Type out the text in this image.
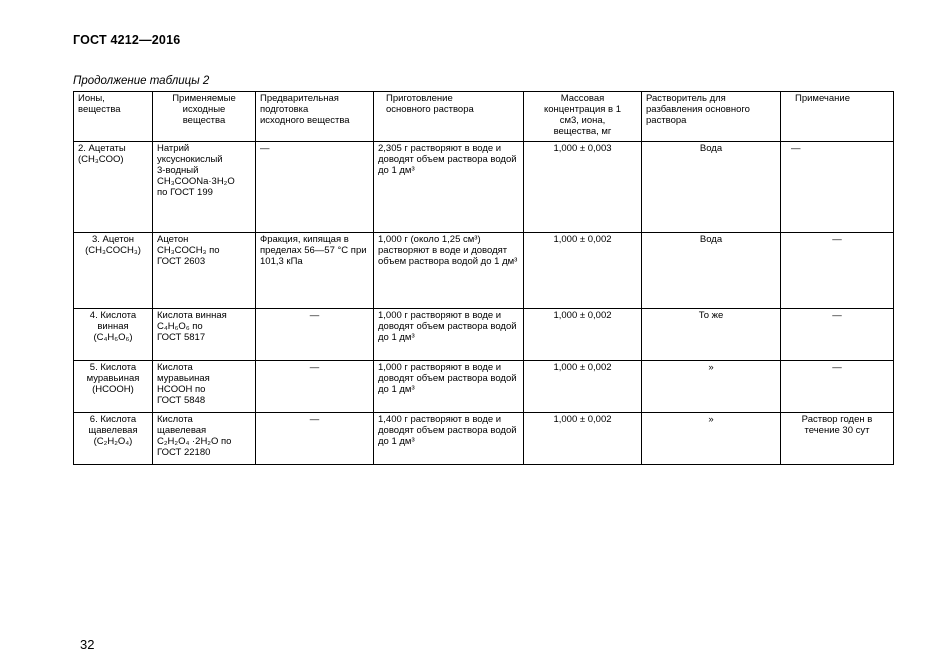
ГОСТ 4212—2016
Продолжение таблицы 2
Ионы,
вещества	Применяемые
исходные
вещества	Предварительная
подготовка
исходного вещества	Приготовление
основного раствора	Массовая
концентрация в 1
см3, иона,
вещества, мг	Растворитель для
разбавления основного
раствора	Примечание
2. Ацетаты
(CH₃COO)	Натрий
уксуснокислый
3-водный
CH₃COONa·3H₂O
по ГОСТ 199	—	2,305 г растворяют в воде и доводят объем раствора водой до 1 дм³	1,000 ± 0,003	Вода	—
3. Ацетон
(CH₃COCH₃)	Ацетон
CH₃COCH₃ по
ГОСТ 2603	Фракция, кипящая в пределах 56—57 °С при 101,3 кПа	1,000 г (около 1,25 см³) растворяют в воде и доводят объем раствора водой до 1 дм³	1,000 ± 0,002	Вода	—
4. Кислота
винная
(C₄H₆O₆)	Кислота винная
C₄H₆O₆ по
ГОСТ 5817	—	1,000 г растворяют в воде и доводят объем раствора водой до 1 дм³	1,000 ± 0,002	То же	—
5. Кислота
муравьиная
(HCOOH)	Кислота
муравьиная
HCOOH по
ГОСТ 5848	—	1,000 г растворяют в воде и доводят объем раствора водой до 1 дм³	1,000 ± 0,002	»	—
6. Кислота
щавелевая
(C₂H₂O₄)	Кислота
щавелевая
C₂H₂O₄ ·2H₂O по
ГОСТ 22180	—	1,400 г растворяют в воде и доводят объем раствора водой до 1 дм³	1,000 ± 0,002	»	Раствор годен в течение 30 сут
32
